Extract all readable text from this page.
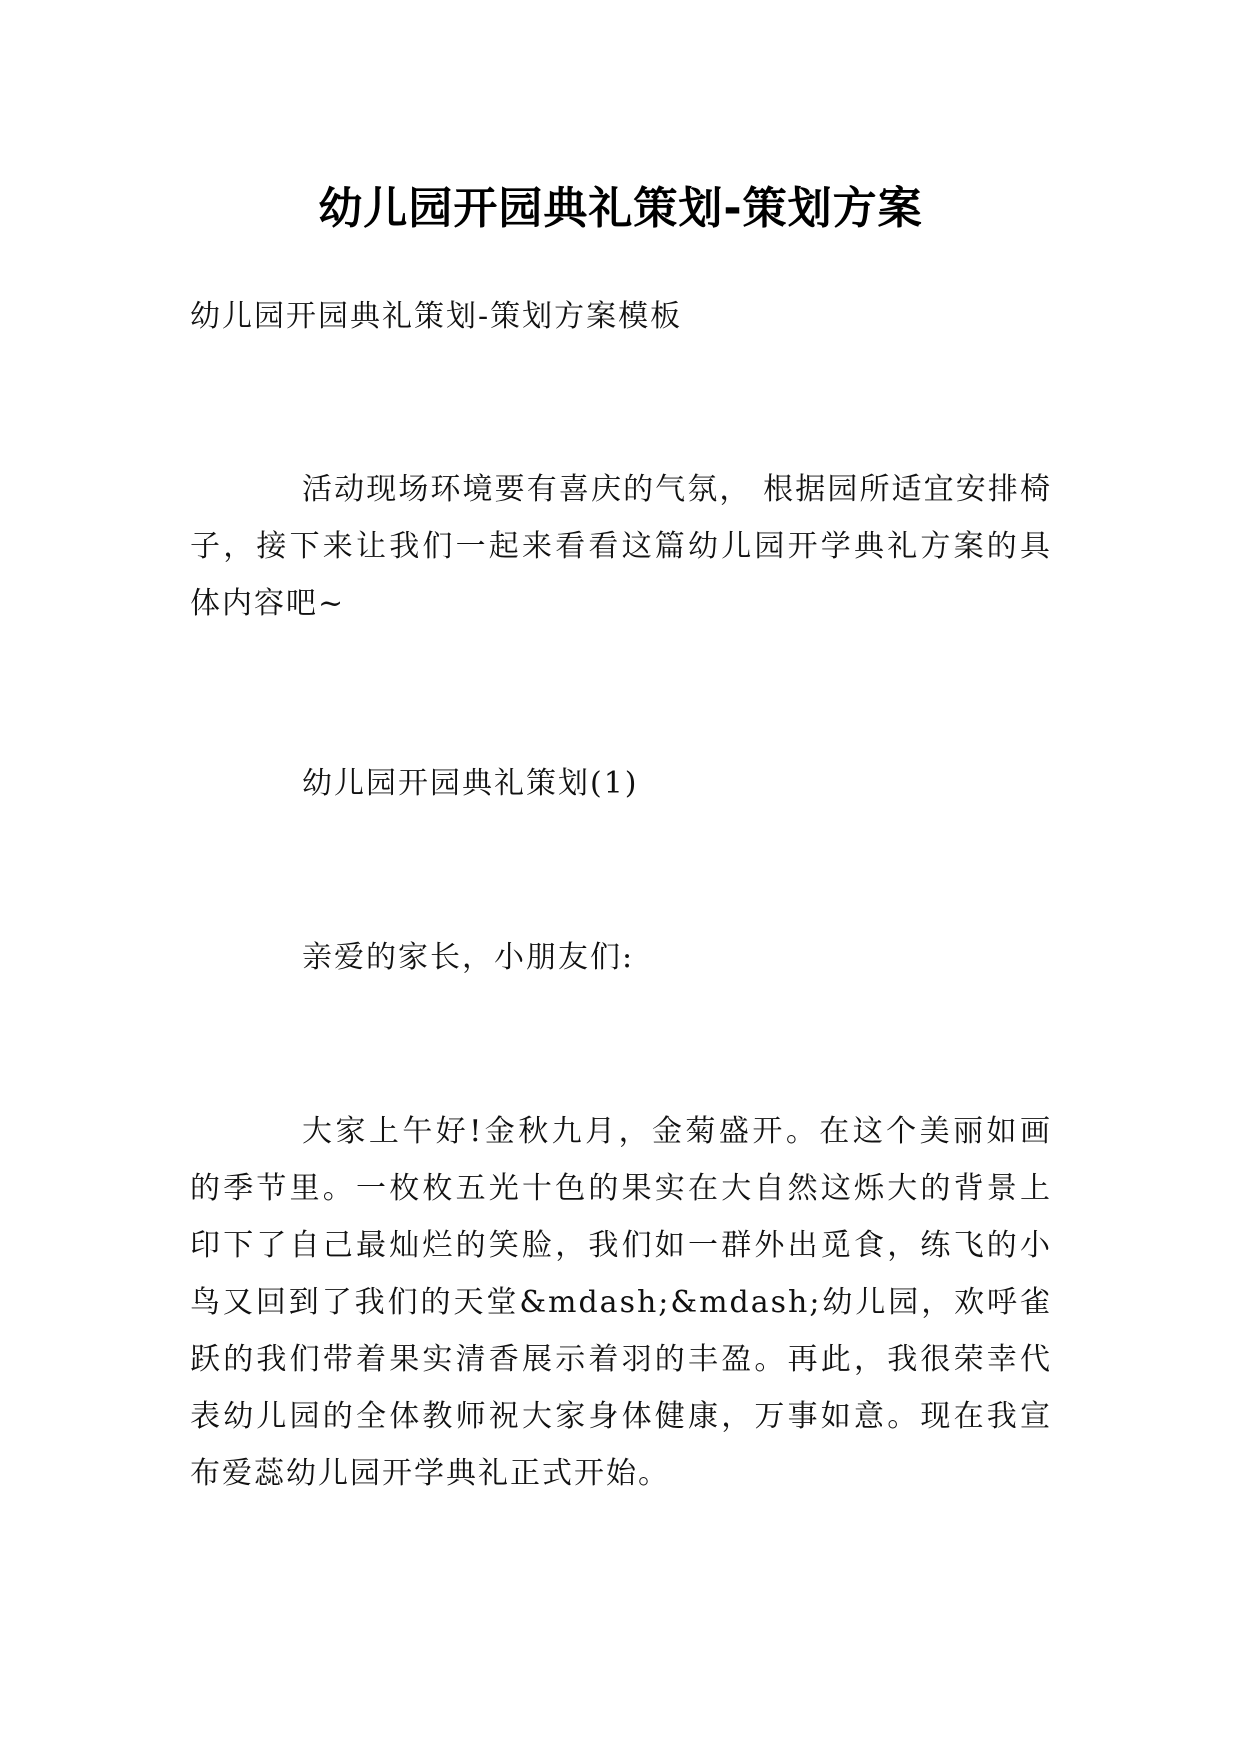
幼儿园开园典礼策划-策划方案

幼儿园开园典礼策划-策划方案模板

活动现场环境要有喜庆的气氛， 根据园所适宜安排椅子，接下来让我们一起来看看这篇幼儿园开学典礼方案的具体内容吧~

幼儿园开园典礼策划(1)

亲爱的家长，小朋友们:

大家上午好!金秋九月，金菊盛开。在这个美丽如画的季节里。一枚枚五光十色的果实在大自然这烁大的背景上印下了自己最灿烂的笑脸，我们如一群外出觅食，练飞的小鸟又回到了我们的天堂&mdash;&mdash;幼儿园，欢呼雀跃的我们带着果实清香展示着羽的丰盈。再此，我很荣幸代表幼儿园的全体教师祝大家身体健康，万事如意。现在我宣布爱蕊幼儿园开学典礼正式开始。
